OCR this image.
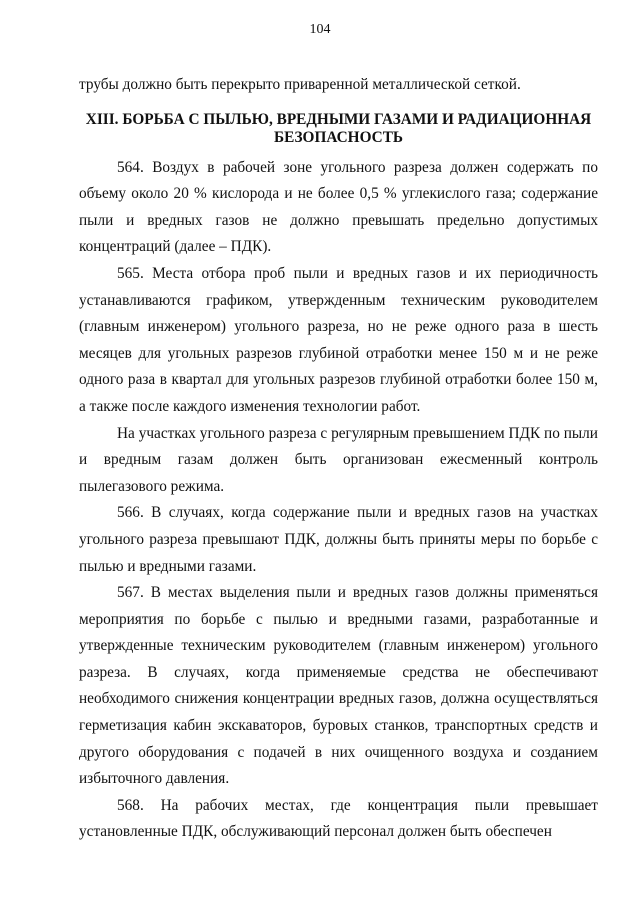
104

трубы должно быть перекрыто приваренной металлической сеткой.

XIII. БОРЬБА С ПЫЛЬЮ, ВРЕДНЫМИ ГАЗАМИ И РАДИАЦИОННАЯ
БЕЗОПАСНОСТЬ

564. Воздух в рабочей зоне угольного разреза должен содержать по объему около 20 % кислорода и не более 0,5 % углекислого газа; содержание пыли и вредных газов не должно превышать предельно допустимых концентраций (далее – ПДК).

565. Места отбора проб пыли и вредных газов и их периодичность устанавливаются графиком, утвержденным техническим руководителем (главным инженером) угольного разреза, но не реже одного раза в шесть месяцев для угольных разрезов глубиной отработки менее 150 м и не реже одного раза в квартал для угольных разрезов глубиной отработки более 150 м, а также после каждого изменения технологии работ.

На участках угольного разреза с регулярным превышением ПДК по пыли и вредным газам должен быть организован ежесменный контроль пылегазового режима.

566. В случаях, когда содержание пыли и вредных газов на участках угольного разреза превышают ПДК, должны быть приняты меры по борьбе с пылью и вредными газами.

567. В местах выделения пыли и вредных газов должны применяться мероприятия по борьбе с пылью и вредными газами, разработанные и утвержденные техническим руководителем (главным инженером) угольного разреза. В случаях, когда применяемые средства не обеспечивают необходимого снижения концентрации вредных газов, должна осуществляться герметизация кабин экскаваторов, буровых станков, транспортных средств и другого оборудования с подачей в них очищенного воздуха и созданием избыточного давления.

568. На рабочих местах, где концентрация пыли превышает установленные ПДК, обслуживающий персонал должен быть обеспечен
